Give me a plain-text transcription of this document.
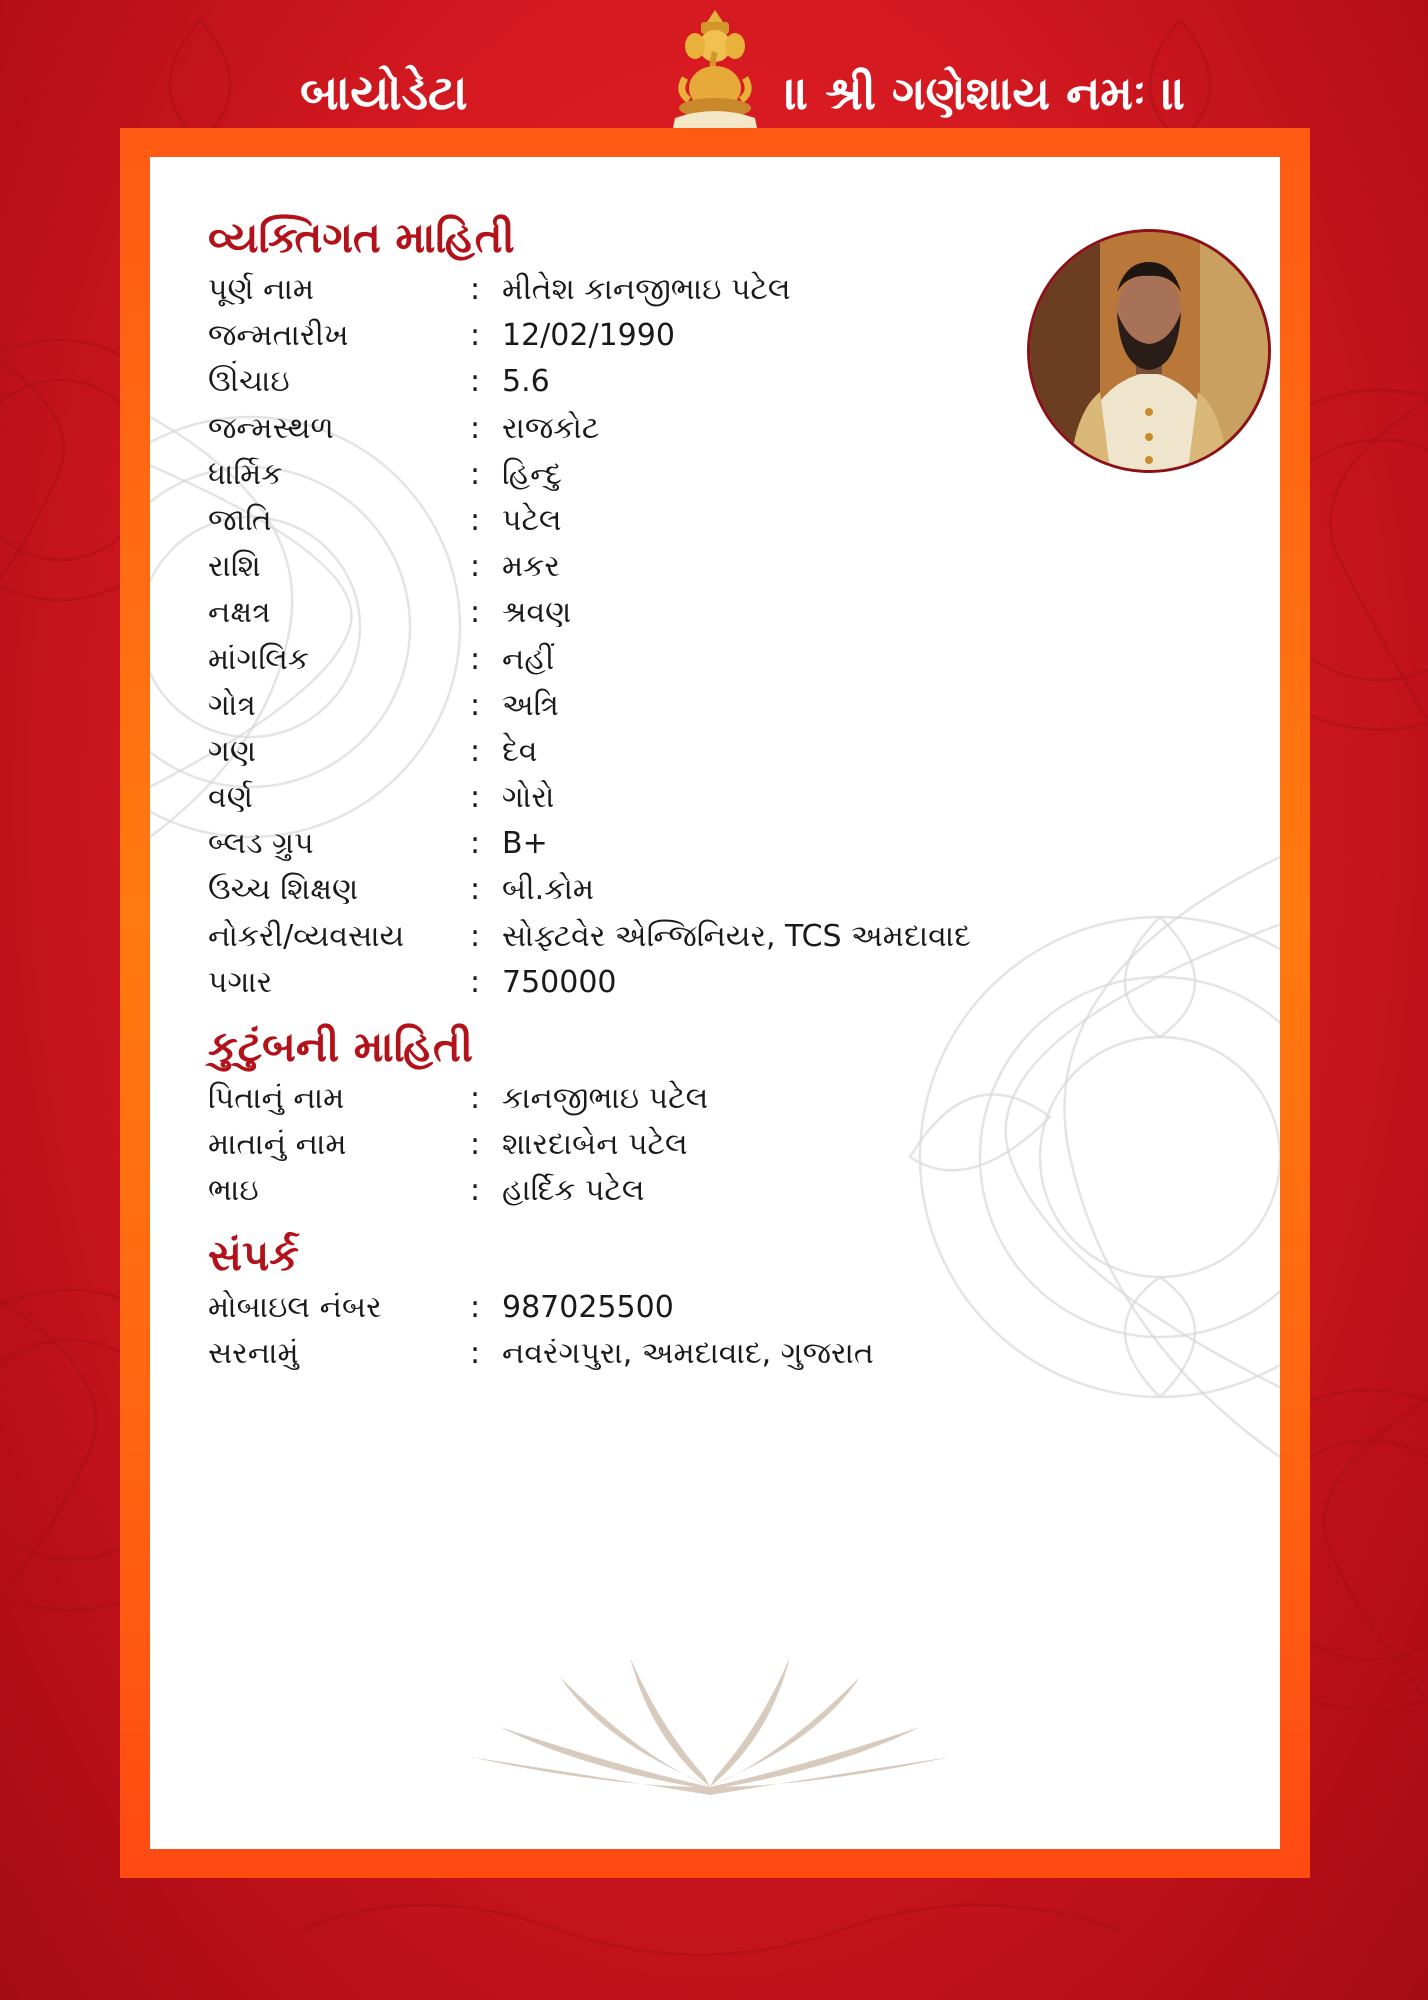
બાયોડેટા	॥ શ્રી ગણેશાય નમઃ ॥
વ્યક્તિગત માહિતી
પૂર્ણ નામ	: મીતેશ કાનજીભાઇ પટેલ
જન્મતારીખ	: 12/02/1990
ઊંચાઇ	: 5.6
જન્મસ્થળ	: રાજકોટ
ધાર્મિક	: હિન્દુ
જાતિ	: પટેલ
રાશિ	: મકર
નક્ષત્ર	: શ્રવણ
માંગલિક	: નહીં
ગોત્ર	: અત્રિ
ગણ	: દેવ
વર્ણ	: ગોરો
બ્લડ ગ્રુપ	: B+
ઉચ્ચ શિક્ષણ	: બી.કોમ
નોકરી/વ્યવસાય	: સોફ્ટવેર એન્જિનિયર, TCS અમદાવાદ
પગાર	: 750000
કુટુંબની માહિતી
પિતાનું નામ	: કાનજીભાઇ પટેલ
માતાનું નામ	: શારદાબેન પટેલ
ભાઇ	: હાર્દિક પટેલ
સંપર્ક
મોબાઇલ નંબર	: 987025500
સરનામું	: નવરંગપુરા, અમદાવાદ, ગુજરાત
